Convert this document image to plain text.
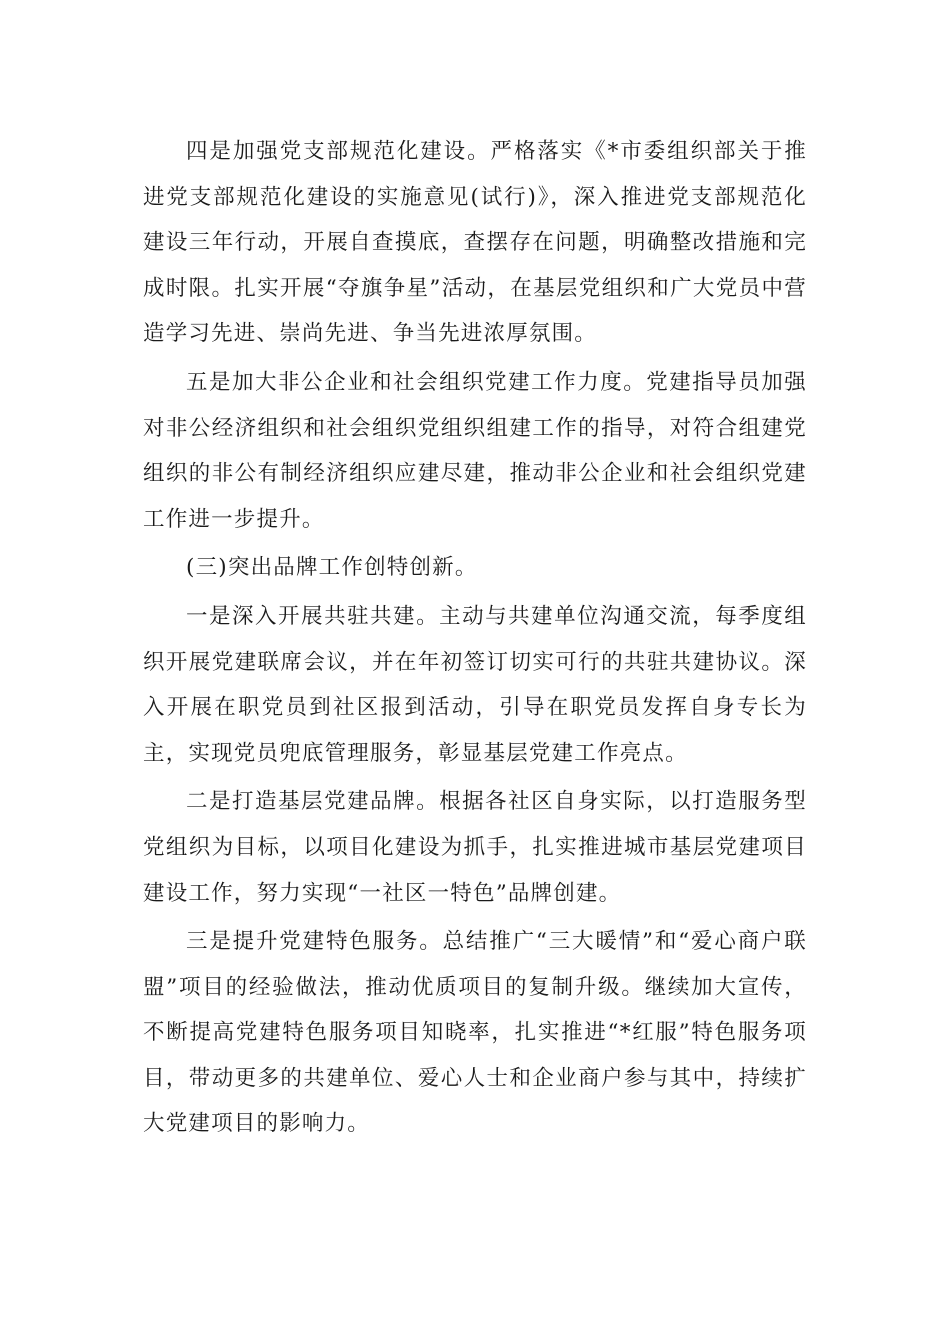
四是加强党支部规范化建设。严格落实《*市委组织部关于推进党支部规范化建设的实施意见(试行)》，深入推进党支部规范化建设三年行动，开展自查摸底，查摆存在问题，明确整改措施和完成时限。扎实开展“夺旗争星”活动，在基层党组织和广大党员中营造学习先进、崇尚先进、争当先进浓厚氛围。

五是加大非公企业和社会组织党建工作力度。党建指导员加强对非公经济组织和社会组织党组织组建工作的指导，对符合组建党组织的非公有制经济组织应建尽建，推动非公企业和社会组织党建工作进一步提升。

(三)突出品牌工作创特创新。

一是深入开展共驻共建。主动与共建单位沟通交流，每季度组织开展党建联席会议，并在年初签订切实可行的共驻共建协议。深入开展在职党员到社区报到活动，引导在职党员发挥自身专长为主，实现党员兜底管理服务，彰显基层党建工作亮点。

二是打造基层党建品牌。根据各社区自身实际，以打造服务型党组织为目标，以项目化建设为抓手，扎实推进城市基层党建项目建设工作，努力实现“一社区一特色”品牌创建。

三是提升党建特色服务。总结推广“三大暖情”和“爱心商户联盟”项目的经验做法，推动优质项目的复制升级。继续加大宣传，不断提高党建特色服务项目知晓率，扎实推进“*红服”特色服务项目，带动更多的共建单位、爱心人士和企业商户参与其中，持续扩大党建项目的影响力。
